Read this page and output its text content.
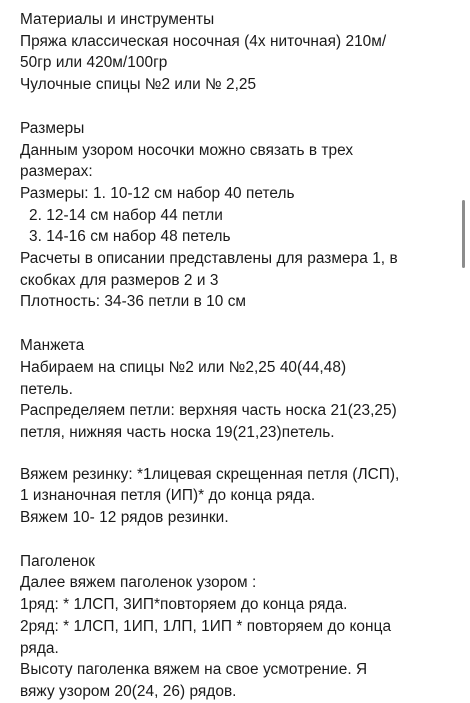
Материалы и инструменты
Пряжа классическая носочная (4х ниточная) 210м/
50гр или 420м/100гр
Чулочные спицы №2 или № 2,25
Размеры
Данным узором носочки можно связать в трех
размерах:
Размеры: 1. 10-12 см набор 40 петель
2. 12-14 см набор 44 петли
3. 14-16 см набор 48 петель
Расчеты в описании представлены для размера 1, в
скобках для размеров 2 и 3
Плотность: 34-36 петли в 10 см
Манжета
Набираем на спицы №2 или №2,25 40(44,48)
петель.
Распределяем петли: верхняя часть носка 21(23,25)
петля, нижняя часть носка 19(21,23)петель.
Вяжем резинку: *1лицевая скрещенная петля (ЛСП),
1 изнаночная петля (ИП)* до конца ряда.
Вяжем 10- 12 рядов резинки.
Паголенок
Далее вяжем паголенок узором :
1ряд: * 1ЛСП, 3ИП*повторяем до конца ряда.
2ряд: * 1ЛСП, 1ИП, 1ЛП, 1ИП * повторяем до конца
ряда.
Высоту паголенка вяжем на свое усмотрение. Я
вяжу узором 20(24, 26) рядов.
